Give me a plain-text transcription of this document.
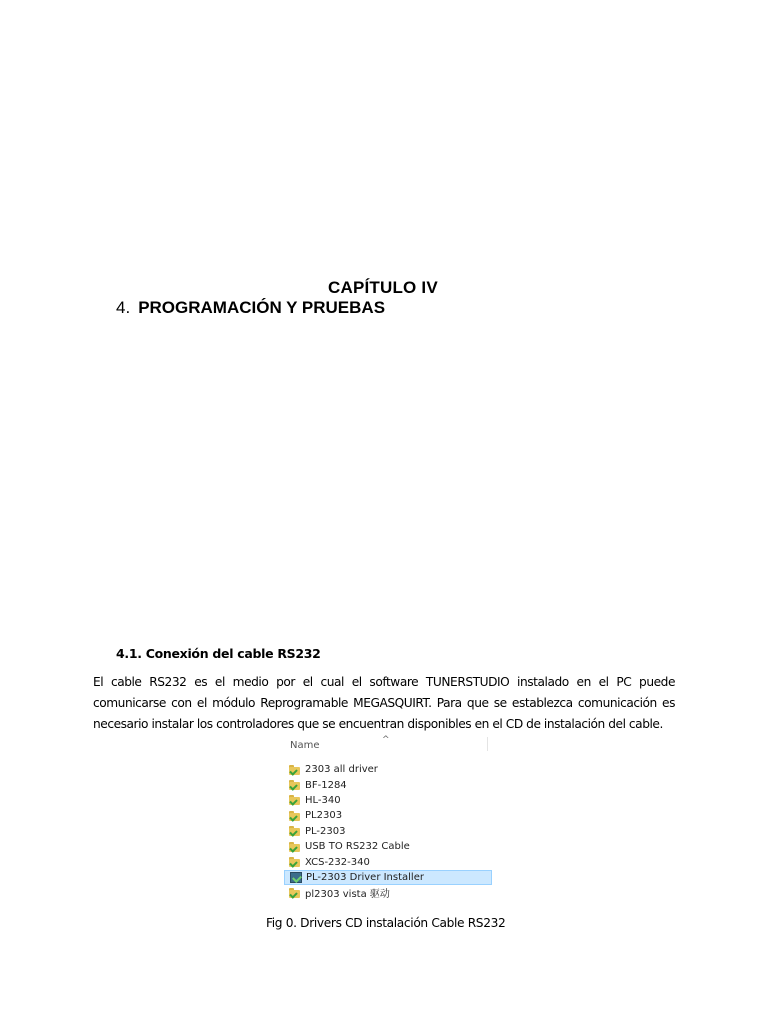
CAPÍTULO IV
4. PROGRAMACIÓN Y PRUEBAS
4.1. Conexión del cable RS232
El cable RS232 es el medio por el cual el software TUNERSTUDIO instalado en el PC puede comunicarse con el módulo Reprogramable MEGASQUIRT. Para que se establezca comunicación es necesario instalar los controladores que se encuentran disponibles en el CD de instalación del cable.
Name	^
2303 all driver
BF-1284
HL-340
PL2303
PL-2303
USB TO RS232 Cable
XCS-232-340
PL-2303 Driver Installer
pl2303 vista 驱动
Fig 0. Drivers CD instalación Cable RS232
